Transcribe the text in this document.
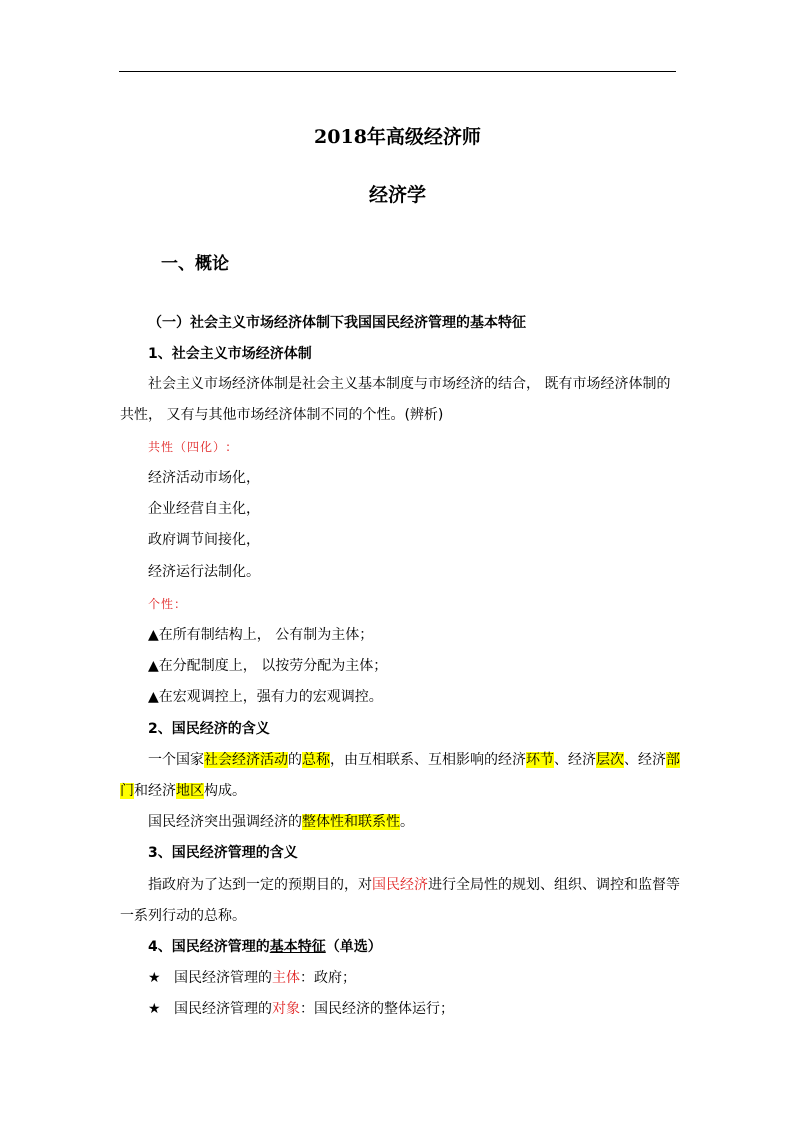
2018年高级经济师
经济学
一、概论
（一）社会主义市场经济体制下我国国民经济管理的基本特征
1、社会主义市场经济体制
社会主义市场经济体制是社会主义基本制度与市场经济的结合， 既有市场经济体制的
共性， 又有与其他市场经济体制不同的个性。(辨析)
共性（四化）:
经济活动市场化，
企业经营自主化，
政府调节间接化，
经济运行法制化。
个性：
▲在所有制结构上， 公有制为主体；
▲在分配制度上， 以按劳分配为主体；
▲在宏观调控上，强有力的宏观调控。
2、国民经济的含义
一个国家社会经济活动的总称，由互相联系、互相影响的经济环节、经济层次、经济部
门和经济地区构成。
国民经济突出强调经济的整体性和联系性。
3、国民经济管理的含义
指政府为了达到一定的预期目的，对国民经济进行全局性的规划、组织、调控和监督等
一系列行动的总称。
4、国民经济管理的基本特征（单选）
★ 国民经济管理的主体：政府；
★ 国民经济管理的对象：国民经济的整体运行；
